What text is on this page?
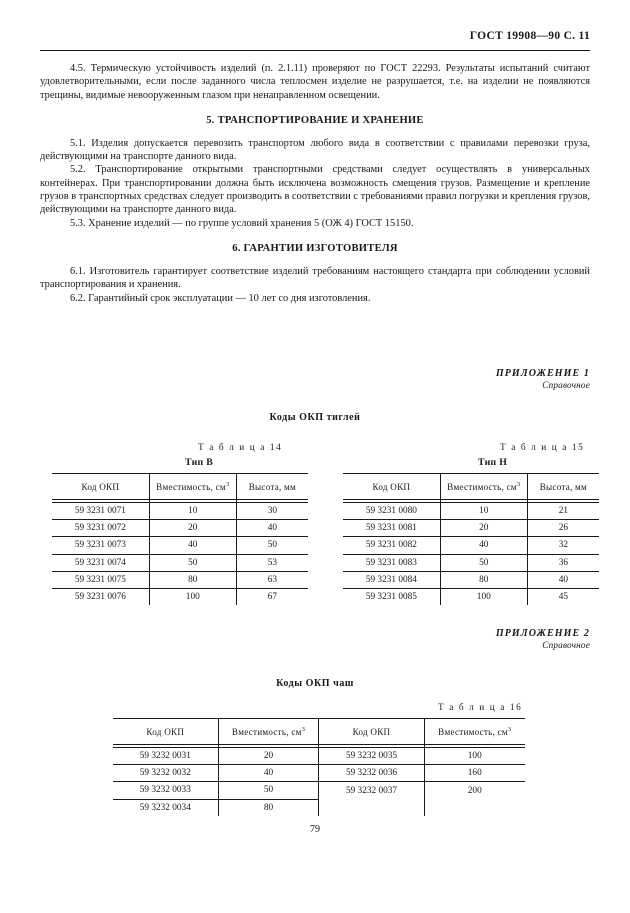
ГОСТ 19908—90 С. 11

4.5. Термическую устойчивость изделий (п. 2.1.11) проверяют по ГОСТ 22293. Результаты испытаний считают удовлетворительными, если после заданного числа теплосмен изделие не разрушается, т.е. на изделии не появляются трещины, видимые невооруженным глазом при ненаправленном освещении.

5. ТРАНСПОРТИРОВАНИЕ И ХРАНЕНИЕ

5.1. Изделия допускается перевозить транспортом любого вида в соответствии с правилами перевозки груза, действующими на транспорте данного вида.

5.2. Транспортирование открытыми транспортными средствами следует осуществлять в универсальных контейнерах. При транспортировании должна быть исключена возможность смещения грузов. Размещение и крепление грузов в транспортных средствах следует производить в соответствии с требованиями правил погрузки и крепления грузов, действующими на транспорте данного вида.

5.3. Хранение изделий — по группе условий хранения 5 (ОЖ 4) ГОСТ 15150.

6. ГАРАНТИИ ИЗГОТОВИТЕЛЯ

6.1. Изготовитель гарантирует соответствие изделий требованиям настоящего стандарта при соблюдении условий транспортирования и хранения.

6.2. Гарантийный срок эксплуатации — 10 лет со дня изготовления.

ПРИЛОЖЕНИЕ 1
Справочное
Коды ОКП тиглей
Т а б л и ц а 14
Тип В
Т а б л и ц а 15
Тип Н
Код ОКП	Вместимость, $см^3$	Высота, мм

59 3231 0071	10	30
59 3231 0072	20	40
59 3231 0073	40	50
59 3231 0074	50	53
59 3231 0075	80	63
59 3231 0076	100	67
Код ОКП	Вместимость, $см^3$	Высота, мм

59 3231 0080	10	21
59 3231 0081	20	26
59 3231 0082	40	32
59 3231 0083	50	36
59 3231 0084	80	40
59 3231 0085	100	45
ПРИЛОЖЕНИЕ 2
Справочное
Коды ОКП чаш
Т а б л и ц а 16
Код ОКП	Вместимость, $см^3$	Код ОКП	Вместимость, $см^3$

59 3232 0031	20	59 3232 0035	100
59 3232 0032	40	59 3232 0036	160
59 3232 0033	50	59 3232 0037	200
59 3232 0034	80		
79
